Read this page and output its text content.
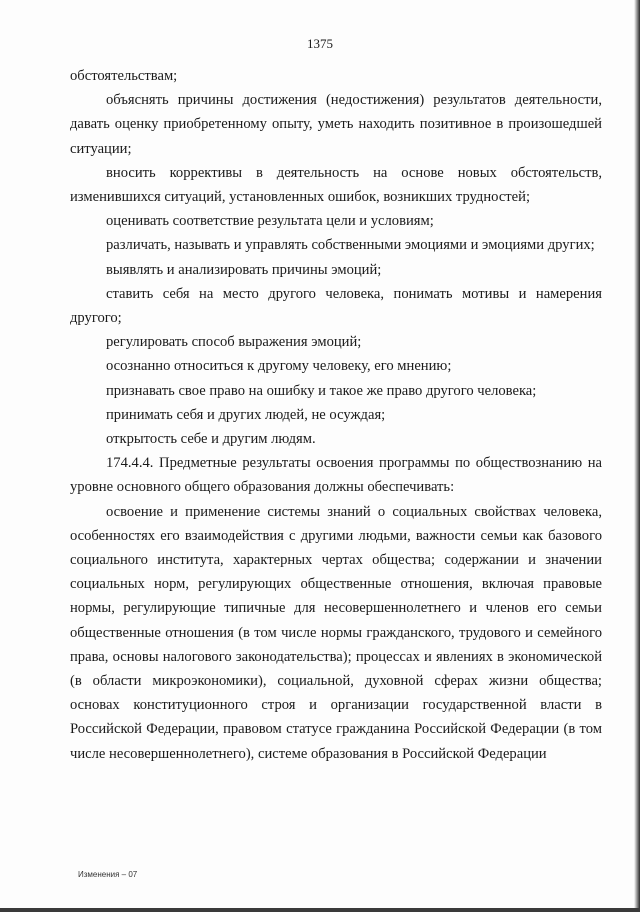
1375

обстоятельствам;

объяснять причины достижения (недостижения) результатов деятельности, давать оценку приобретенному опыту, уметь находить позитивное в произошедшей ситуации;

вносить коррективы в деятельность на основе новых обстоятельств, изменившихся ситуаций, установленных ошибок, возникших трудностей;

оценивать соответствие результата цели и условиям;

различать, называть и управлять собственными эмоциями и эмоциями других;

выявлять и анализировать причины эмоций;

ставить себя на место другого человека, понимать мотивы и намерения другого;

регулировать способ выражения эмоций;

осознанно относиться к другому человеку, его мнению;

признавать свое право на ошибку и такое же право другого человека;

принимать себя и других людей, не осуждая;

открытость себе и другим людям.

174.4.4. Предметные результаты освоения программы по обществознанию на уровне основного общего образования должны обеспечивать:

освоение и применение системы знаний о социальных свойствах человека, особенностях его взаимодействия с другими людьми, важности семьи как базового социального института, характерных чертах общества; содержании и значении социальных норм, регулирующих общественные отношения, включая правовые нормы, регулирующие типичные для несовершеннолетнего и членов его семьи общественные отношения (в том числе нормы гражданского, трудового и семейного права, основы налогового законодательства); процессах и явлениях в экономической (в области микроэкономики), социальной, духовной сферах жизни общества; основах конституционного строя и организации государственной власти в Российской Федерации, правовом статусе гражданина Российской Федерации (в том числе несовершеннолетнего), системе образования в Российской Федерации

Изменения – 07
